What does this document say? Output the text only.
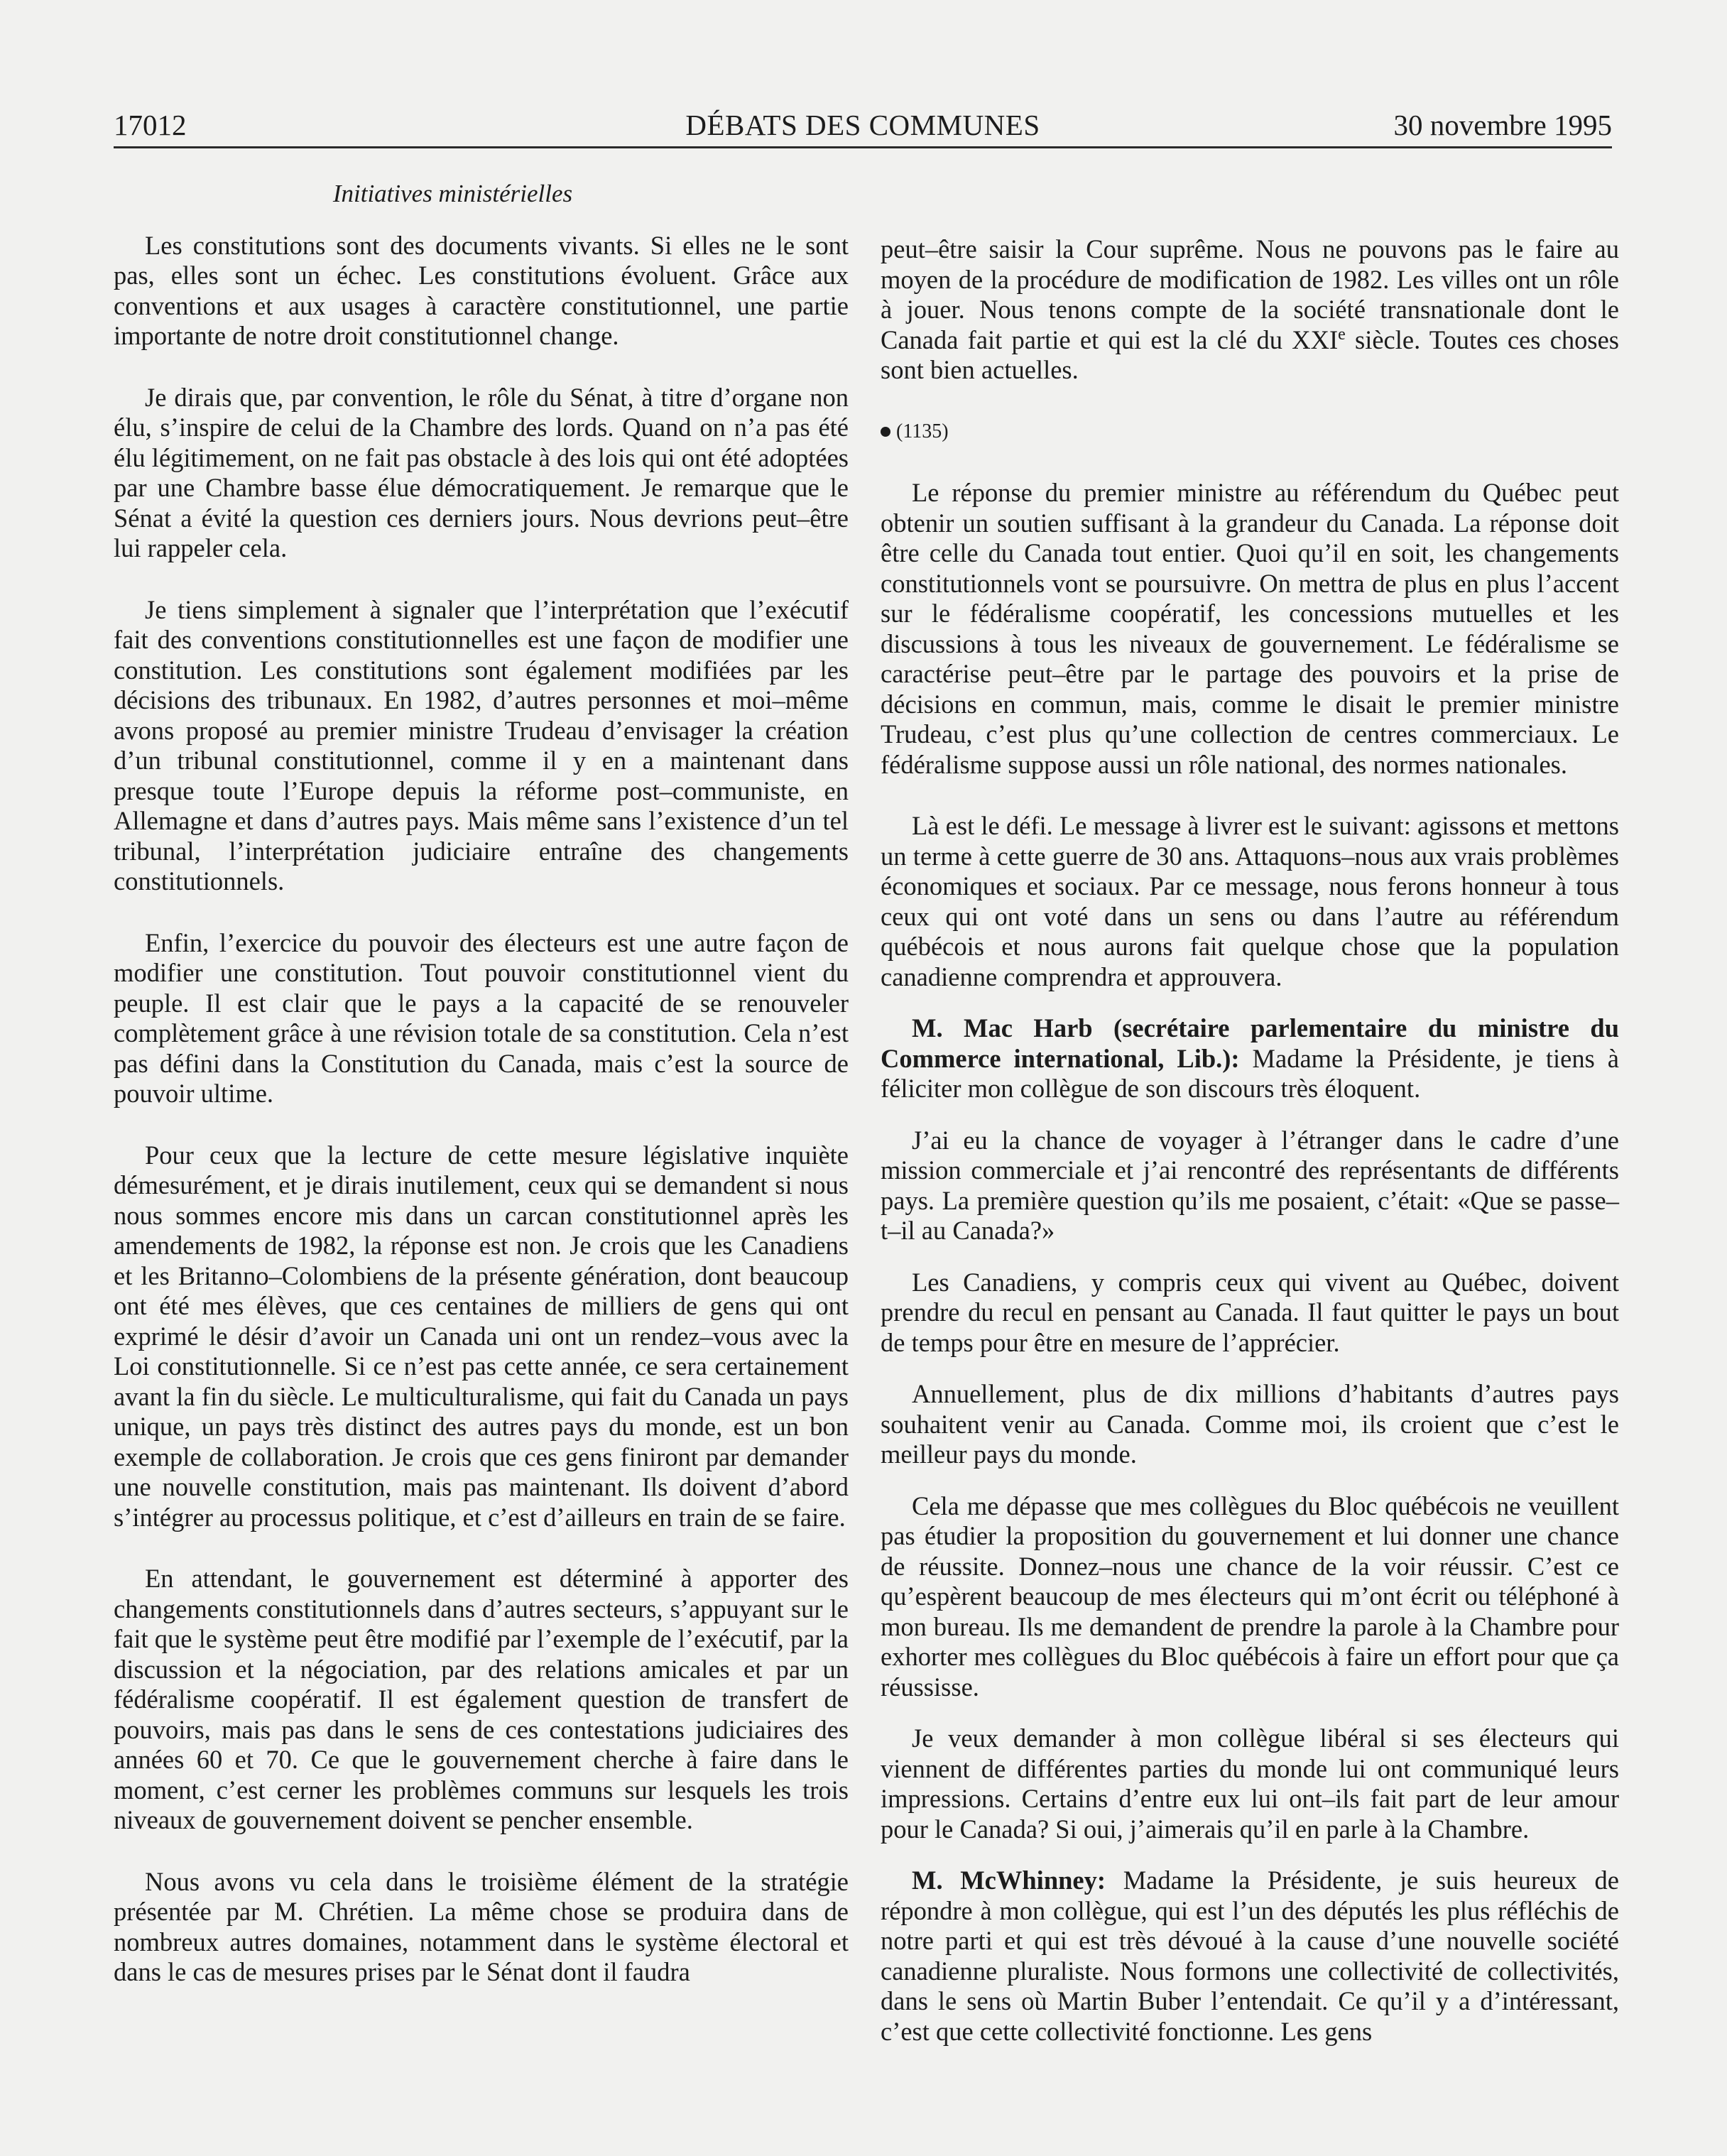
17012	DÉBATS DES COMMUNES	30 novembre 1995
Initiatives ministérielles

Les constitutions sont des documents vivants. Si elles ne le sont pas, elles sont un échec. Les constitutions évoluent. Grâce aux conventions et aux usages à caractère constitutionnel, une partie importante de notre droit constitutionnel change.

Je dirais que, par convention, le rôle du Sénat, à titre d’organe non élu, s’inspire de celui de la Chambre des lords. Quand on n’a pas été élu légitimement, on ne fait pas obstacle à des lois qui ont été adoptées par une Chambre basse élue démocratiquement. Je remarque que le Sénat a évité la question ces derniers jours. Nous devrions peut–être lui rappeler cela.

Je tiens simplement à signaler que l’interprétation que l’exécutif fait des conventions constitutionnelles est une façon de modifier une constitution. Les constitutions sont également modifiées par les décisions des tribunaux. En 1982, d’autres personnes et moi–même avons proposé au premier ministre Trudeau d’envisager la création d’un tribunal constitutionnel, comme il y en a maintenant dans presque toute l’Europe depuis la réforme post–communiste, en Allemagne et dans d’autres pays. Mais même sans l’existence d’un tel tribunal, l’interprétation judiciaire entraîne des changements constitutionnels.

Enfin, l’exercice du pouvoir des électeurs est une autre façon de modifier une constitution. Tout pouvoir constitutionnel vient du peuple. Il est clair que le pays a la capacité de se renouveler complètement grâce à une révision totale de sa constitution. Cela n’est pas défini dans la Constitution du Canada, mais c’est la source de pouvoir ultime.

Pour ceux que la lecture de cette mesure législative inquiète démesurément, et je dirais inutilement, ceux qui se demandent si nous nous sommes encore mis dans un carcan constitutionnel après les amendements de 1982, la réponse est non. Je crois que les Canadiens et les Britanno–Colombiens de la présente génération, dont beaucoup ont été mes élèves, que ces centaines de milliers de gens qui ont exprimé le désir d’avoir un Canada uni ont un rendez–vous avec la Loi constitutionnelle. Si ce n’est pas cette année, ce sera certainement avant la fin du siècle. Le multiculturalisme, qui fait du Canada un pays unique, un pays très distinct des autres pays du monde, est un bon exemple de collaboration. Je crois que ces gens finiront par demander une nouvelle constitution, mais pas maintenant. Ils doivent d’abord s’intégrer au processus politique, et c’est d’ailleurs en train de se faire.

En attendant, le gouvernement est déterminé à apporter des changements constitutionnels dans d’autres secteurs, s’appuyant sur le fait que le système peut être modifié par l’exemple de l’exécutif, par la discussion et la négociation, par des relations amicales et par un fédéralisme coopératif. Il est également question de transfert de pouvoirs, mais pas dans le sens de ces contestations judiciaires des années 60 et 70. Ce que le gouvernement cherche à faire dans le moment, c’est cerner les problèmes communs sur lesquels les trois niveaux de gouvernement doivent se pencher ensemble.

Nous avons vu cela dans le troisième élément de la stratégie présentée par M. Chrétien. La même chose se produira dans de nombreux autres domaines, notamment dans le système électoral et dans le cas de mesures prises par le Sénat dont il faudra

peut–être saisir la Cour suprême. Nous ne pouvons pas le faire au moyen de la procédure de modification de 1982. Les villes ont un rôle à jouer. Nous tenons compte de la société transnationale dont le Canada fait partie et qui est la clé du XXIe siècle. Toutes ces choses sont bien actuelles.

(1135)

Le réponse du premier ministre au référendum du Québec peut obtenir un soutien suffisant à la grandeur du Canada. La réponse doit être celle du Canada tout entier. Quoi qu’il en soit, les changements constitutionnels vont se poursuivre. On mettra de plus en plus l’accent sur le fédéralisme coopératif, les concessions mutuelles et les discussions à tous les niveaux de gouvernement. Le fédéralisme se caractérise peut–être par le partage des pouvoirs et la prise de décisions en commun, mais, comme le disait le premier ministre Trudeau, c’est plus qu’une collection de centres commerciaux. Le fédéralisme suppose aussi un rôle national, des normes nationales.

Là est le défi. Le message à livrer est le suivant: agissons et mettons un terme à cette guerre de 30 ans. Attaquons–nous aux vrais problèmes économiques et sociaux. Par ce message, nous ferons honneur à tous ceux qui ont voté dans un sens ou dans l’autre au référendum québécois et nous aurons fait quelque chose que la population canadienne comprendra et approuvera.

M. Mac Harb (secrétaire parlementaire du ministre du Commerce international, Lib.): Madame la Présidente, je tiens à féliciter mon collègue de son discours très éloquent.

J’ai eu la chance de voyager à l’étranger dans le cadre d’une mission commerciale et j’ai rencontré des représentants de différents pays. La première question qu’ils me posaient, c’était: «Que se passe–t–il au Canada?»

Les Canadiens, y compris ceux qui vivent au Québec, doivent prendre du recul en pensant au Canada. Il faut quitter le pays un bout de temps pour être en mesure de l’apprécier.

Annuellement, plus de dix millions d’habitants d’autres pays souhaitent venir au Canada. Comme moi, ils croient que c’est le meilleur pays du monde.

Cela me dépasse que mes collègues du Bloc québécois ne veuillent pas étudier la proposition du gouvernement et lui donner une chance de réussite. Donnez–nous une chance de la voir réussir. C’est ce qu’espèrent beaucoup de mes électeurs qui m’ont écrit ou téléphoné à mon bureau. Ils me demandent de prendre la parole à la Chambre pour exhorter mes collègues du Bloc québécois à faire un effort pour que ça réussisse.

Je veux demander à mon collègue libéral si ses électeurs qui viennent de différentes parties du monde lui ont communiqué leurs impressions. Certains d’entre eux lui ont–ils fait part de leur amour pour le Canada? Si oui, j’aimerais qu’il en parle à la Chambre.

M. McWhinney: Madame la Présidente, je suis heureux de répondre à mon collègue, qui est l’un des députés les plus réfléchis de notre parti et qui est très dévoué à la cause d’une nouvelle société canadienne pluraliste. Nous formons une collectivité de collectivités, dans le sens où Martin Buber l’entendait. Ce qu’il y a d’intéressant, c’est que cette collectivité fonctionne. Les gens
